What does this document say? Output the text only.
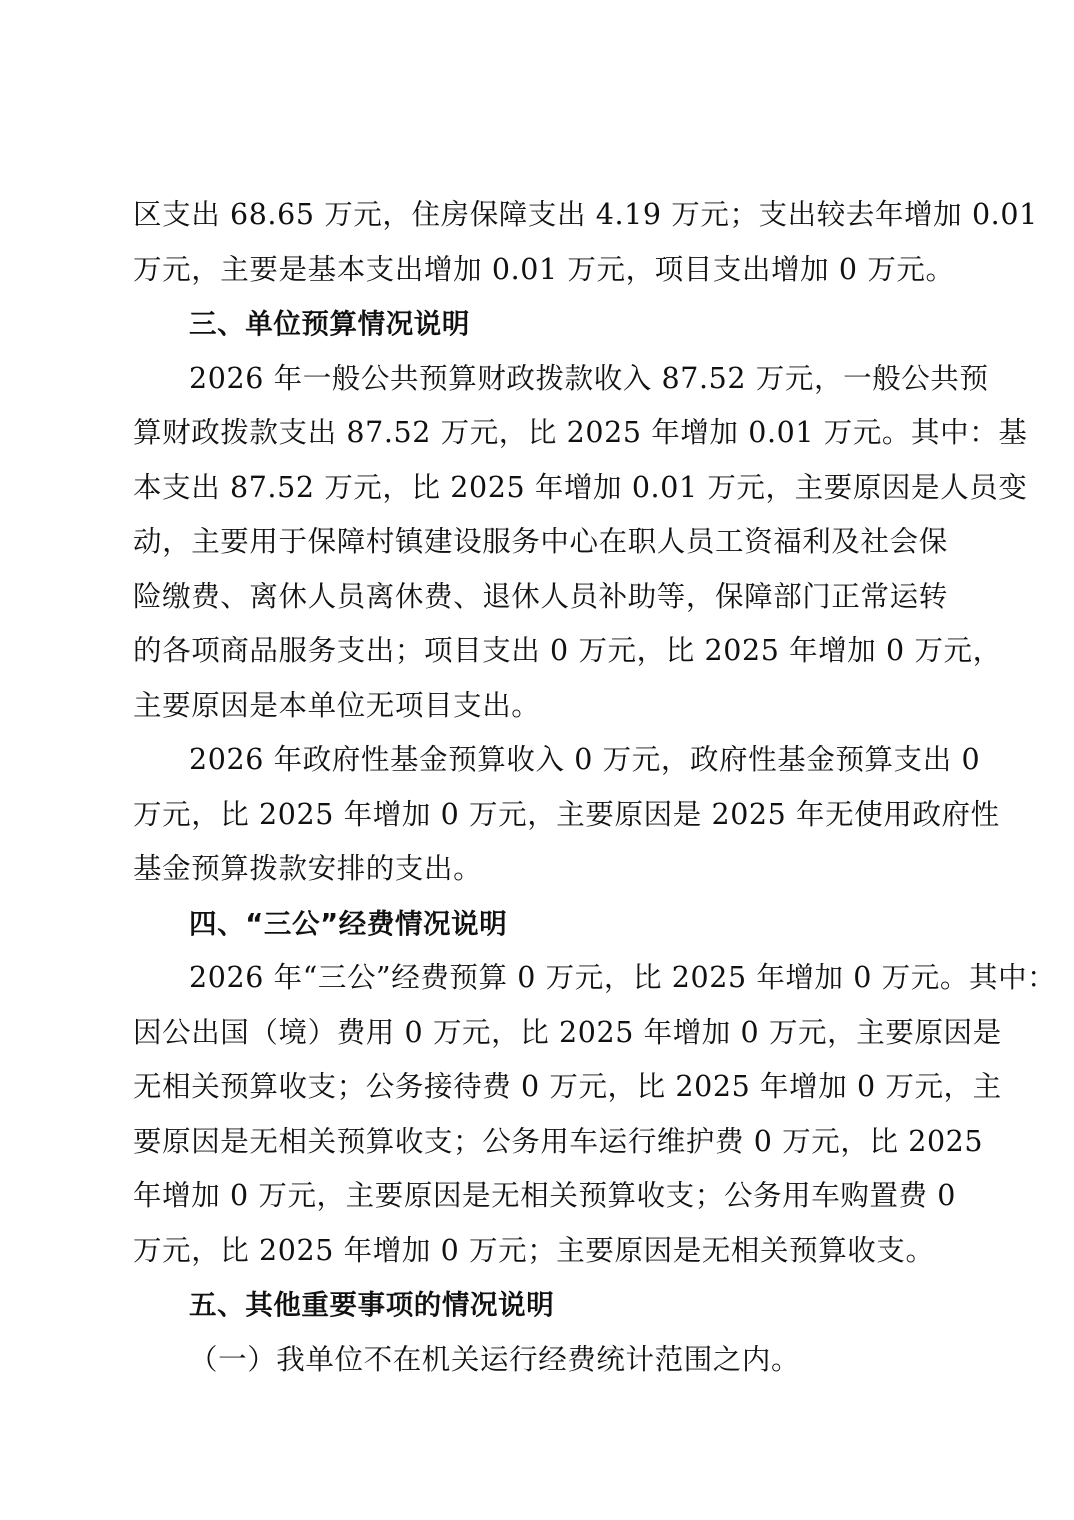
区支出 68.65 万元，住房保障支出 4.19 万元；支出较去年增加 0.01
万元，主要是基本支出增加 0.01 万元，项目支出增加 0 万元。
三、单位预算情况说明
2026 年一般公共预算财政拨款收入 87.52 万元，一般公共预
算财政拨款支出 87.52 万元，比 2025 年增加 0.01 万元。其中：基
本支出 87.52 万元，比 2025 年增加 0.01 万元，主要原因是人员变
动，主要用于保障村镇建设服务中心在职人员工资福利及社会保
险缴费、离休人员离休费、退休人员补助等，保障部门正常运转
的各项商品服务支出；项目支出 0 万元，比 2025 年增加 0 万元，
主要原因是本单位无项目支出。
2026 年政府性基金预算收入 0 万元，政府性基金预算支出 0
万元，比 2025 年增加 0 万元，主要原因是 2025 年无使用政府性
基金预算拨款安排的支出。
四、“三公”经费情况说明
2026 年“三公”经费预算 0 万元，比 2025 年增加 0 万元。其中：
因公出国（境）费用 0 万元，比 2025 年增加 0 万元，主要原因是
无相关预算收支；公务接待费 0 万元，比 2025 年增加 0 万元，主
要原因是无相关预算收支；公务用车运行维护费 0 万元，比 2025
年增加 0 万元，主要原因是无相关预算收支；公务用车购置费 0
万元，比 2025 年增加 0 万元；主要原因是无相关预算收支。
五、其他重要事项的情况说明
（一）我单位不在机关运行经费统计范围之内。
